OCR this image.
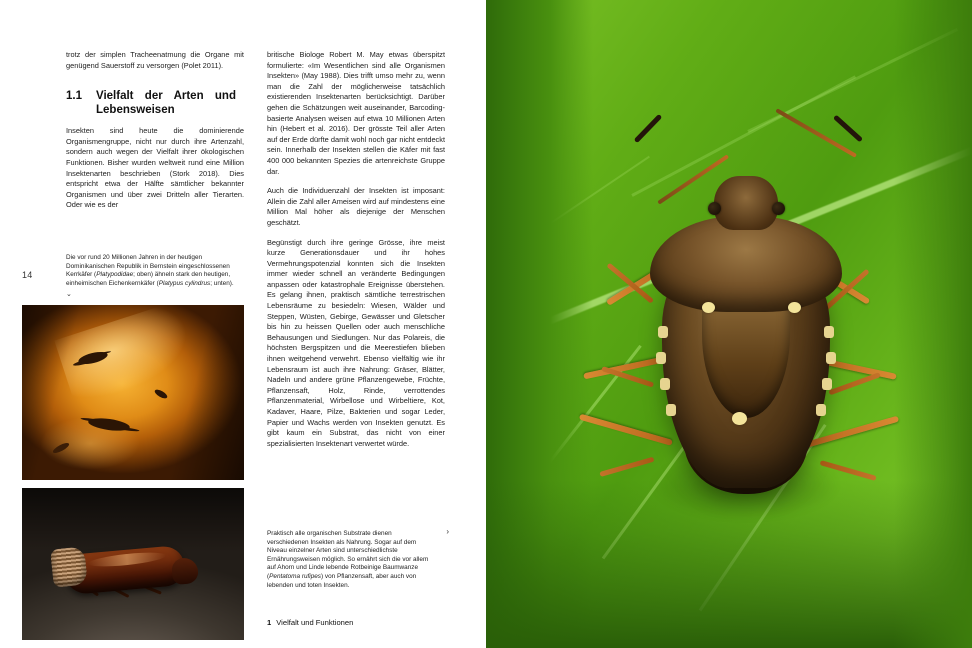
14

trotz der simplen Tracheenatmung die Organe mit genügend Sauerstoff zu versorgen (Polet 2011).

1.1 Vielfalt der Arten und Lebensweisen

Insekten sind heute die dominierende Organismengruppe, nicht nur durch ihre Artenzahl, sondern auch wegen der Vielfalt ihrer ökologischen Funktionen. Bisher wurden weltweit rund eine Million Insektenarten beschrieben (Stork 2018). Dies entspricht etwa der Hälfte sämtlicher bekannter Organismen und über zwei Dritteln aller Tierarten. Oder wie es der

Die vor rund 20 Millionen Jahren in der heutigen Dominikanischen Republik in Bernstein eingeschlossenen Kerrkäfer (Platypodidae; oben) ähneln stark den heutigen, einheimischen Eichenkernkäfer (Platypus cylindrus; unten).
⌄

britische Biologe Robert M. May etwas überspitzt formulierte: «Im Wesentlichen sind alle Organismen Insekten» (May 1988). Dies trifft umso mehr zu, wenn man die Zahl der möglicherweise tatsächlich existierenden Insektenarten berücksichtigt. Darüber gehen die Schätzungen weit auseinander, Barcoding-basierte Analysen weisen auf etwa 10 Millionen Arten hin (Hebert et al. 2016). Der grösste Teil aller Arten auf der Erde dürfte damit wohl noch gar nicht entdeckt sein. Innerhalb der Insekten stellen die Käfer mit fast 400 000 bekannten Spezies die artenreichste Gruppe dar.

Auch die Individuenzahl der Insekten ist imposant: Allein die Zahl aller Ameisen wird auf mindestens eine Million Mal höher als diejenige der Menschen geschätzt.

Begünstigt durch ihre geringe Grösse, ihre meist kurze Generationsdauer und ihr hohes Vermehrungspotenzial konnten sich die Insekten immer wieder schnell an veränderte Bedingungen anpassen oder katastrophale Ereignisse überstehen. Es gelang ihnen, praktisch sämtliche terrestrischen Lebensräume zu besiedeln: Wiesen, Wälder und Steppen, Wüsten, Gebirge, Gewässer und Gletscher bis hin zu heissen Quellen oder auch menschliche Behausungen und Siedlungen. Nur das Polareis, die höchsten Bergspitzen und die Meerestiefen blieben ihnen weitgehend verwehrt. Ebenso vielfältig wie ihr Lebensraum ist auch ihre Nahrung: Gräser, Blätter, Nadeln und andere grüne Pflanzengewebe, Früchte, Pflanzensaft, Holz, Rinde, verrottendes Pflanzenmaterial, Wirbellose und Wirbeltiere, Kot, Kadaver, Haare, Pilze, Bakterien und sogar Leder, Papier und Wachs werden von Insekten genutzt. Es gibt kaum ein Substrat, das nicht von einer spezialisierten Insektenart verwertet würde.

›
Praktisch alle organischen Substrate dienen verschiedenen Insekten als Nahrung. Sogar auf dem Niveau einzelner Arten sind unterschiedlichste Ernährungsweisen möglich. So ernährt sich die vor allem auf Ahorn und Linde lebende Rotbeinige Baumwanze (Pentatoma rufipes) von Pflanzensaft, aber auch von lebenden und toten Insekten.
1 Vielfalt und Funktionen
